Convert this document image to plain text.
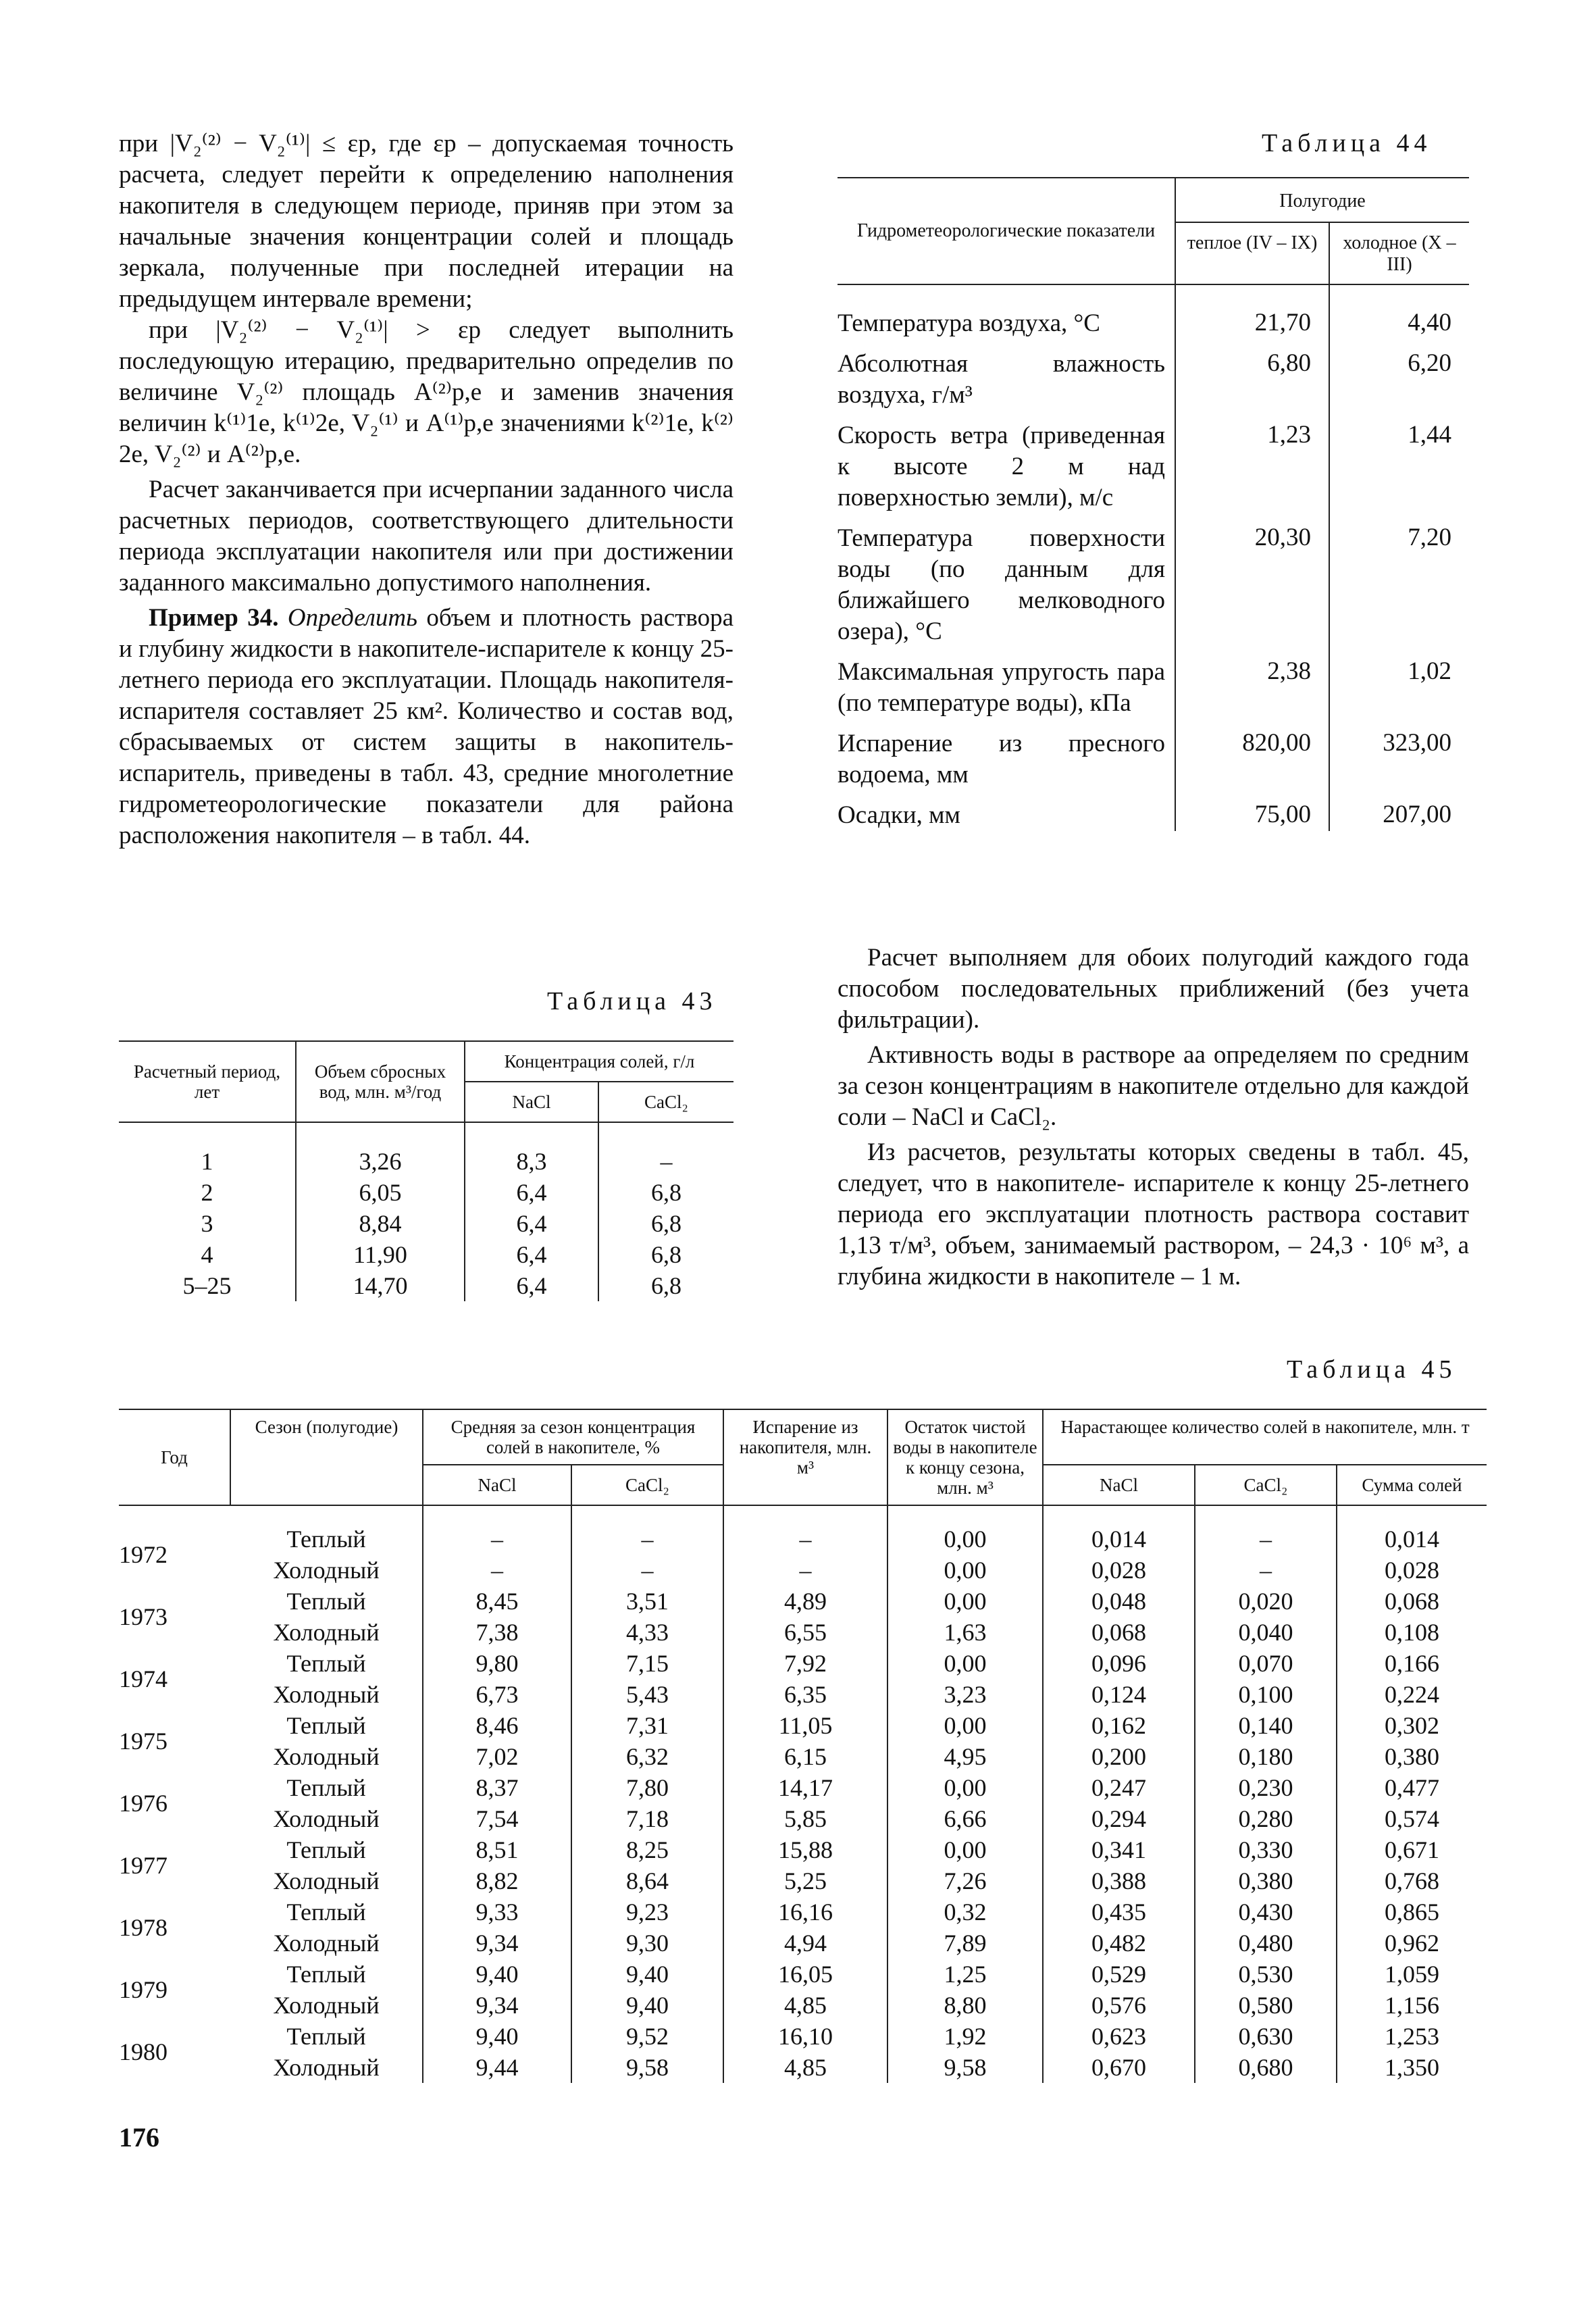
при |V₂⁽²⁾ − V₂⁽¹⁾| ≤ εр, где εр – допускаемая точность расчета, следует перейти к определению наполнения накопителя в следующем периоде, приняв при этом за начальные значения концентрации солей и площадь зеркала, полученные при последней итерации на предыдущем интервале времени;

при |V₂⁽²⁾ − V₂⁽¹⁾| > εр следует выполнить последующую итерацию, предварительно определив по величине V₂⁽²⁾ площадь A⁽²⁾p,e и заменив значения величин k⁽¹⁾1e, k⁽¹⁾2e, V₂⁽¹⁾ и A⁽¹⁾p,e значениями k⁽²⁾1e, k⁽²⁾2e, V₂⁽²⁾ и A⁽²⁾p,e.

Расчет заканчивается при исчерпании заданного числа расчетных периодов, соответствующего длительности периода эксплуатации накопителя или при достижении заданного максимально допустимого наполнения.

Пример 34. Определить объем и плотность раствора и глубину жидкости в накопителе-испарителе к концу 25-летнего периода его эксплуатации. Площадь накопителя-испарителя составляет 25 км². Количество и состав вод, сбрасываемых от систем защиты в накопитель-испаритель, приведены в табл. 43, средние многолетние гидрометеорологические показатели для района расположения накопителя – в табл. 44.

Таблица 44
Гидрометеорологические показатели	Полугодие	
	теплое (IV – IX)	холодное (X – III)
Температура воздуха, °С	21,70	4,40
Абсолютная влажность воздуха, г/м³	6,80	6,20
Скорость ветра (приведенная к высоте 2 м над поверхностью земли), м/с	1,23	1,44
Температура поверхности воды (по данным для ближайшего мелководного озера), °С	20,30	7,20
Максимальная упругость пара (по температуре воды), кПа	2,38	1,02
Испарение из пресного водоема, мм	820,00	323,00
Осадки, мм	75,00	207,00
Таблица 43
Расчетный период, лет	Объем сбросных вод, млн. м³/год	Концентрация солей, г/л	
		NaCl	CaCl₂
1	3,26	8,3	–
2	6,05	6,4	6,8
3	8,84	6,4	6,8
4	11,90	6,4	6,8
5–25	14,70	6,4	6,8

Расчет выполняем для обоих полугодий каждого года способом последовательных приближений (без учета фильтрации).

Активность воды в растворе aа определяем по средним за сезон концентрациям в накопителе отдельно для каждой соли – NaCl и CaCl₂.

Из расчетов, результаты которых сведены в табл. 45, следует, что в накопителе- испарителе к концу 25-летнего периода его эксплуатации плотность раствора составит 1,13 т/м³, объем, занимаемый раствором, – 24,3 · 10⁶ м³, а глубина жидкости в накопителе – 1 м.

Таблица 45
Год	Сезон (полугодие)	Средняя за сезон концентрация солей в накопителе, %		Испарение из накопителя, млн. м³	Остаток чистой воды в накопителе к концу сезона, млн. м³	Нарастающее количество солей в накопителе, млн. т		
		NaCl	CaCl₂			NaCl	CaCl₂	Сумма солей
1972	Теплый	–	–	–	0,00	0,014	–	0,014
	Холодный	–	–	–	0,00	0,028	–	0,028
1973	Теплый	8,45	3,51	4,89	0,00	0,048	0,020	0,068
	Холодный	7,38	4,33	6,55	1,63	0,068	0,040	0,108
1974	Теплый	9,80	7,15	7,92	0,00	0,096	0,070	0,166
	Холодный	6,73	5,43	6,35	3,23	0,124	0,100	0,224
1975	Теплый	8,46	7,31	11,05	0,00	0,162	0,140	0,302
	Холодный	7,02	6,32	6,15	4,95	0,200	0,180	0,380
1976	Теплый	8,37	7,80	14,17	0,00	0,247	0,230	0,477
	Холодный	7,54	7,18	5,85	6,66	0,294	0,280	0,574
1977	Теплый	8,51	8,25	15,88	0,00	0,341	0,330	0,671
	Холодный	8,82	8,64	5,25	7,26	0,388	0,380	0,768
1978	Теплый	9,33	9,23	16,16	0,32	0,435	0,430	0,865
	Холодный	9,34	9,30	4,94	7,89	0,482	0,480	0,962
1979	Теплый	9,40	9,40	16,05	1,25	0,529	0,530	1,059
	Холодный	9,34	9,40	4,85	8,80	0,576	0,580	1,156
1980	Теплый	9,40	9,52	16,10	1,92	0,623	0,630	1,253
	Холодный	9,44	9,58	4,85	9,58	0,670	0,680	1,350
176
